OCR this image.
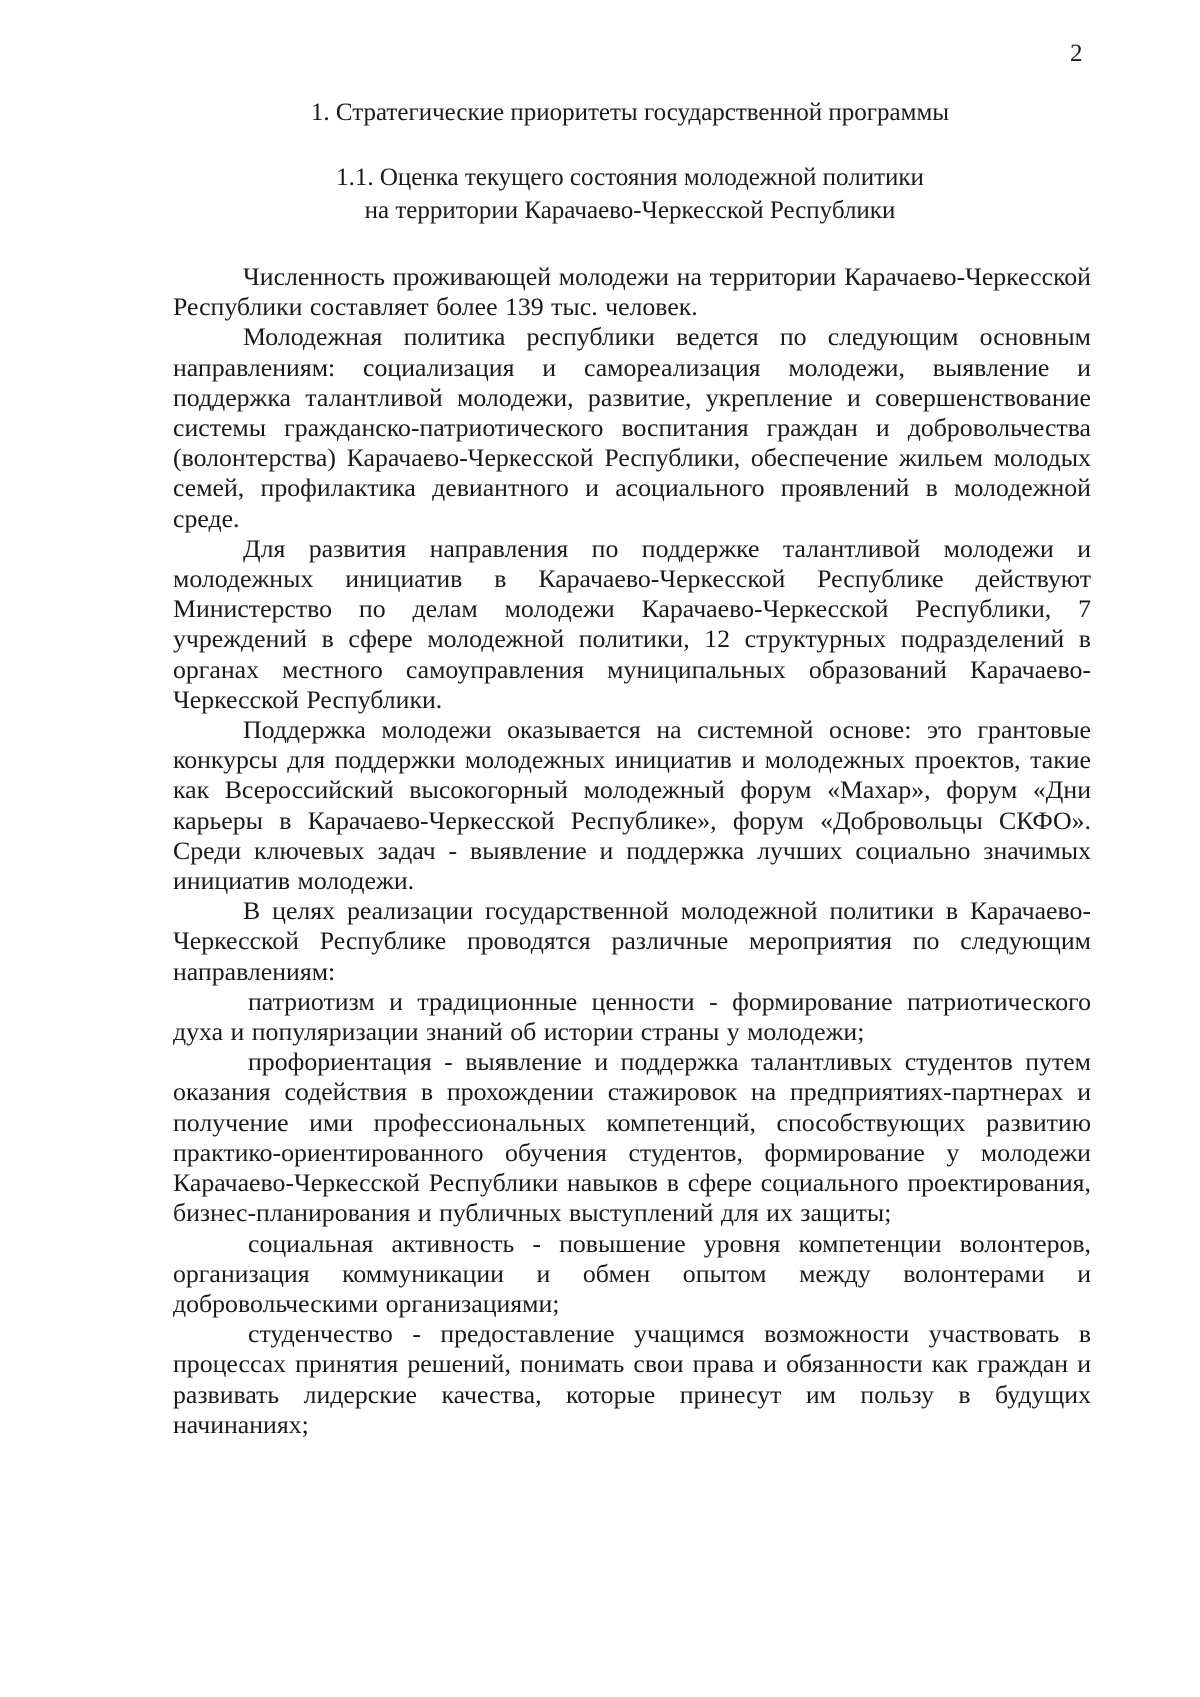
2
1. Стратегические приоритеты государственной программы
1.1. Оценка текущего состояния молодежной политики
на территории Карачаево-Черкесской Республики

Численность проживающей молодежи на территории Карачаево-Черкесской Республики составляет более 139 тыс. человек.

Молодежная политика республики ведется по следующим основным направлениям: социализация и самореализация молодежи, выявление и поддержка талантливой молодежи, развитие, укрепление и совершенствование системы гражданско-патриотического воспитания граждан и добровольчества (волонтерства) Карачаево-Черкесской Республики, обеспечение жильем молодых семей, профилактика девиантного и асоциального проявлений в молодежной среде.

Для развития направления по поддержке талантливой молодежи и молодежных инициатив в Карачаево-Черкесской Республике действуют Министерство по делам молодежи Карачаево-Черкесской Республики, 7 учреждений в сфере молодежной политики, 12 структурных подразделений в органах местного самоуправления муниципальных образований Карачаево-Черкесской Республики.

Поддержка молодежи оказывается на системной основе: это грантовые конкурсы для поддержки молодежных инициатив и молодежных проектов, такие как Всероссийский высокогорный молодежный форум «Махар», форум «Дни карьеры в Карачаево-Черкесской Республике», форум «Добровольцы СКФО». Среди ключевых задач - выявление и поддержка лучших социально значимых инициатив молодежи.

В целях реализации государственной молодежной политики в Карачаево-Черкесской Республике проводятся различные мероприятия по следующим направлениям:

патриотизм и традиционные ценности - формирование патриотического духа и популяризации знаний об истории страны у молодежи;

профориентация - выявление и поддержка талантливых студентов путем оказания содействия в прохождении стажировок на предприятиях-партнерах и получение ими профессиональных компетенций, способствующих развитию практико-ориентированного обучения студентов, формирование у молодежи Карачаево-Черкесской Республики навыков в сфере социального проектирования, бизнес-планирования и публичных выступлений для их защиты;

социальная активность - повышение уровня компетенции волонтеров, организация коммуникации и обмен опытом между волонтерами и добровольческими организациями;

студенчество - предоставление учащимся возможности участвовать в процессах принятия решений, понимать свои права и обязанности как граждан и развивать лидерские качества, которые принесут им пользу в будущих начинаниях;
